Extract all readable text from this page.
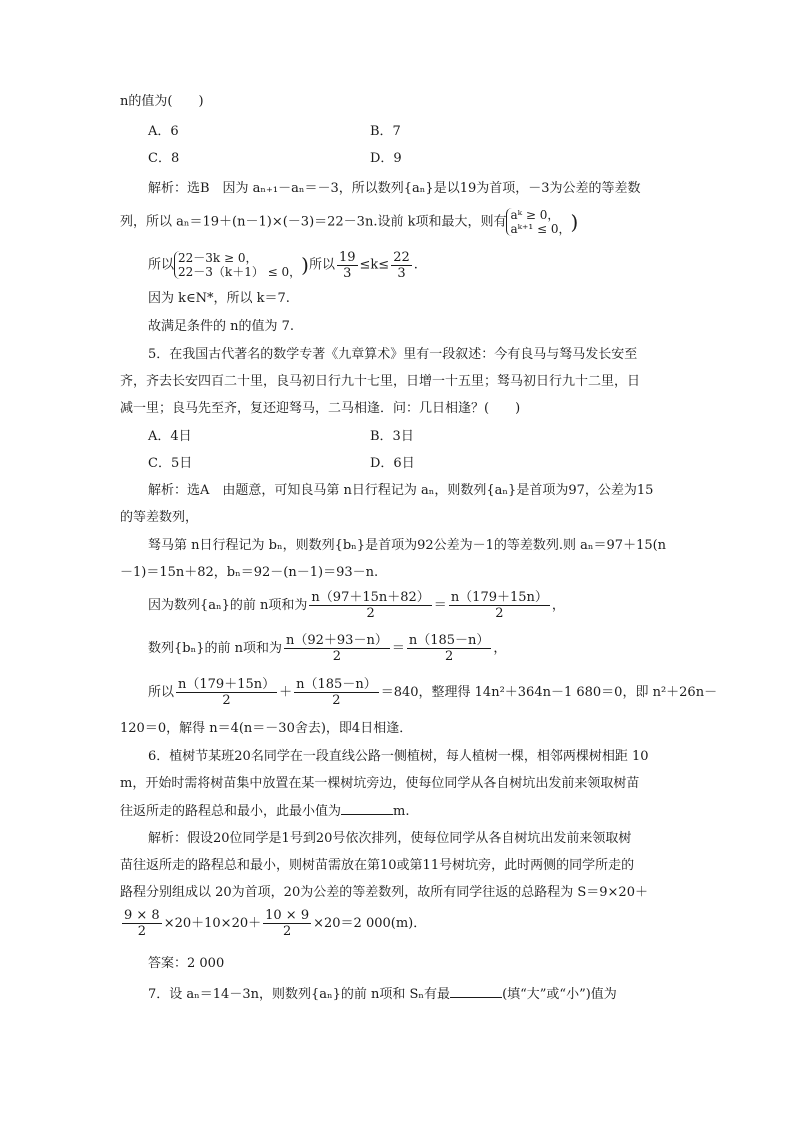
n的值为(　　)
A．6	B．7
C．8	D．9
解析：选B　因为 aₙ₊₁－aₙ＝－3，所以数列{aₙ}是以19为首项，－3为公差的等差数
列，所以 aₙ＝19＋(n－1)×(－3)＝22－3n.设前 k项和最大，则有 aᵏ ≥ 0，
aᵏ⁺¹ ≤ 0， )
所以 22－3k ≥ 0，
22－3（k＋1） ≤ 0， )所以 $\frac{19}{3} \le k\le \frac{22}{3}$ .
因为 k∈N*，所以 k＝7.
故满足条件的 n的值为 7.
5．在我国古代著名的数学专著《九章算术》里有一段叙述：今有良马与驽马发长安至
齐，齐去长安四百二十里，良马初日行九十七里，日增一十五里；驽马初日行九十二里，日
减一里；良马先至齐，复还迎驽马，二马相逢．问：几日相逢？(　　)
A．4日	B．3日
C．5日	D．6日
解析：选A　由题意，可知良马第 n日行程记为 aₙ，则数列{aₙ}是首项为97，公差为15
的等差数列，
驽马第 n日行程记为 bₙ，则数列{bₙ}是首项为92公差为－1的等差数列.则 aₙ＝97＋15(n
－1)＝15n＋82，bₙ＝92－(n－1)＝93－n.
因为数列{aₙ}的前 n项和为 $\frac{n(97+15n+82)}{2} = \frac{n(179+15n)}{2}$ ，
数列{bₙ}的前 n项和为 $\frac{n(92+93-n)}{2} = \frac{n(185-n)}{2}$ ，
所以 $\frac{n(179+15n)}{2} + \frac{n(185-n)}{2} =840$，整理得 14n²＋364n－1 680＝0，即 n²＋26n－
120＝0，解得 n＝4(n＝－30舍去)，即4日相逢．
6．植树节某班20名同学在一段直线公路一侧植树，每人植树一棵，相邻两棵树相距 10
m，开始时需将树苗集中放置在某一棵树坑旁边，使每位同学从各自树坑出发前来领取树苗
往返所走的路程总和最小，此最小值为	m.
解析：假设20位同学是1号到20号依次排列，使每位同学从各自树坑出发前来领取树
苗往返所走的路程总和最小，则树苗需放在第10或第11号树坑旁，此时两侧的同学所走的
路程分别组成以 20为首项，20为公差的等差数列，故所有同学往返的总路程为 S＝9×20＋
$\frac{9 \times 8}{2} \times 20+10\times 20+ \frac{10 \times 9}{2} \times 20=2$ 000(m)．
答案：2 000
7．设 aₙ＝14－3n，则数列{aₙ}的前 n项和 Sₙ有最	(填“大”或“小”)值为
